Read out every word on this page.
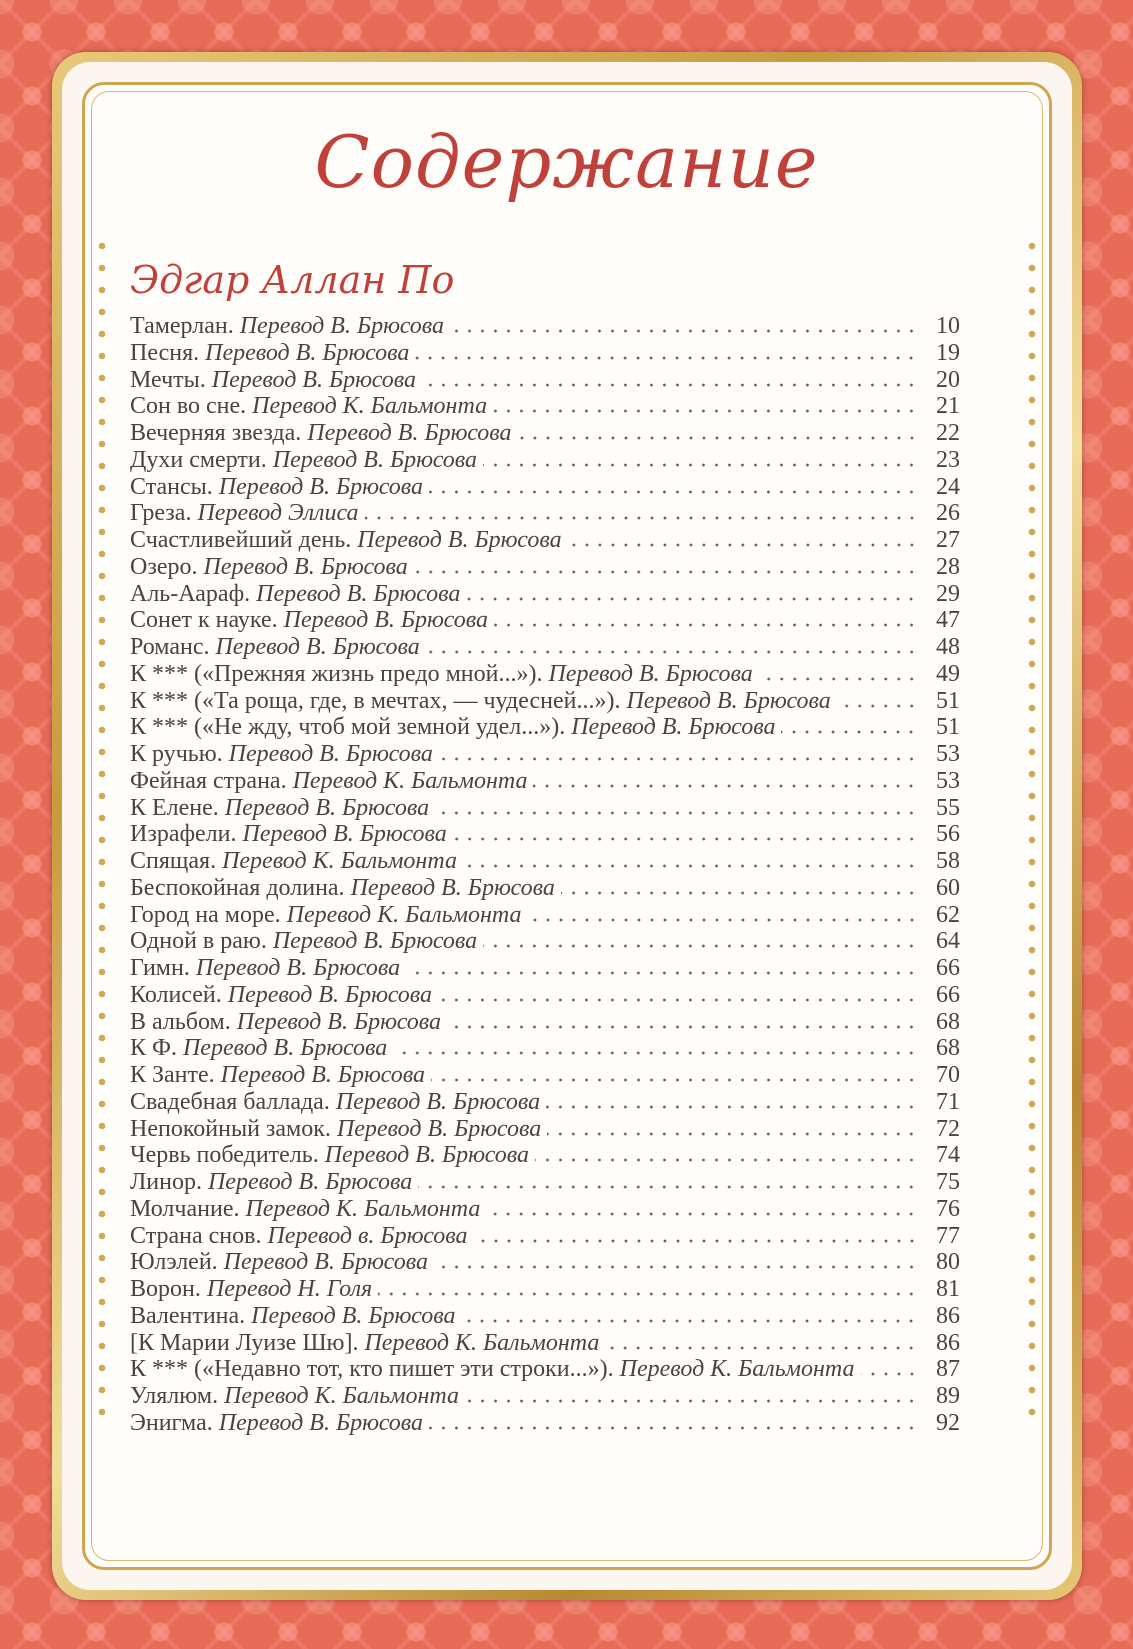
Содержание
Эдгар Аллан По
Тамерлан. Перевод В. Брюсова	10
Песня. Перевод В. Брюсова	19
Мечты. Перевод В. Брюсова	20
Сон во сне. Перевод К. Бальмонта	21
Вечерняя звезда. Перевод В. Брюсова	22
Духи смерти. Перевод В. Брюсова	23
Стансы. Перевод В. Брюсова	24
Греза. Перевод Эллиса	26
Счастливейший день. Перевод В. Брюсова	27
Озеро. Перевод В. Брюсова	28
Аль-Аараф. Перевод В. Брюсова	29
Сонет к науке. Перевод В. Брюсова	47
Романс. Перевод В. Брюсова	48
К *** («Прежняя жизнь предо мной...»). Перевод В. Брюсова	49
К *** («Та роща, где, в мечтах, — чудесней...»). Перевод В. Брюсова	51
К *** («Не жду, чтоб мой земной удел...»). Перевод В. Брюсова	51
К ручью. Перевод В. Брюсова	53
Фейная страна. Перевод К. Бальмонта	53
К Елене. Перевод В. Брюсова	55
Израфели. Перевод В. Брюсова	56
Спящая. Перевод К. Бальмонта	58
Беспокойная долина. Перевод В. Брюсова	60
Город на море. Перевод К. Бальмонта	62
Одной в раю. Перевод В. Брюсова	64
Гимн. Перевод В. Брюсова	66
Колисей. Перевод В. Брюсова	66
В альбом. Перевод В. Брюсова	68
К Ф. Перевод В. Брюсова	68
К Занте. Перевод В. Брюсова	70
Свадебная баллада. Перевод В. Брюсова	71
Непокойный замок. Перевод В. Брюсова	72
Червь победитель. Перевод В. Брюсова	74
Линор. Перевод В. Брюсова	75
Молчание. Перевод К. Бальмонта	76
Страна снов. Перевод в. Брюсова	77
Юлэлей. Перевод В. Брюсова	80
Ворон. Перевод Н. Голя	81
Валентина. Перевод В. Брюсова	86
[К Марии Луизе Шю]. Перевод К. Бальмонта	86
К *** («Недавно тот, кто пишет эти строки...»). Перевод К. Бальмонта	87
Улялюм. Перевод К. Бальмонта	89
Энигма. Перевод В. Брюсова	92
